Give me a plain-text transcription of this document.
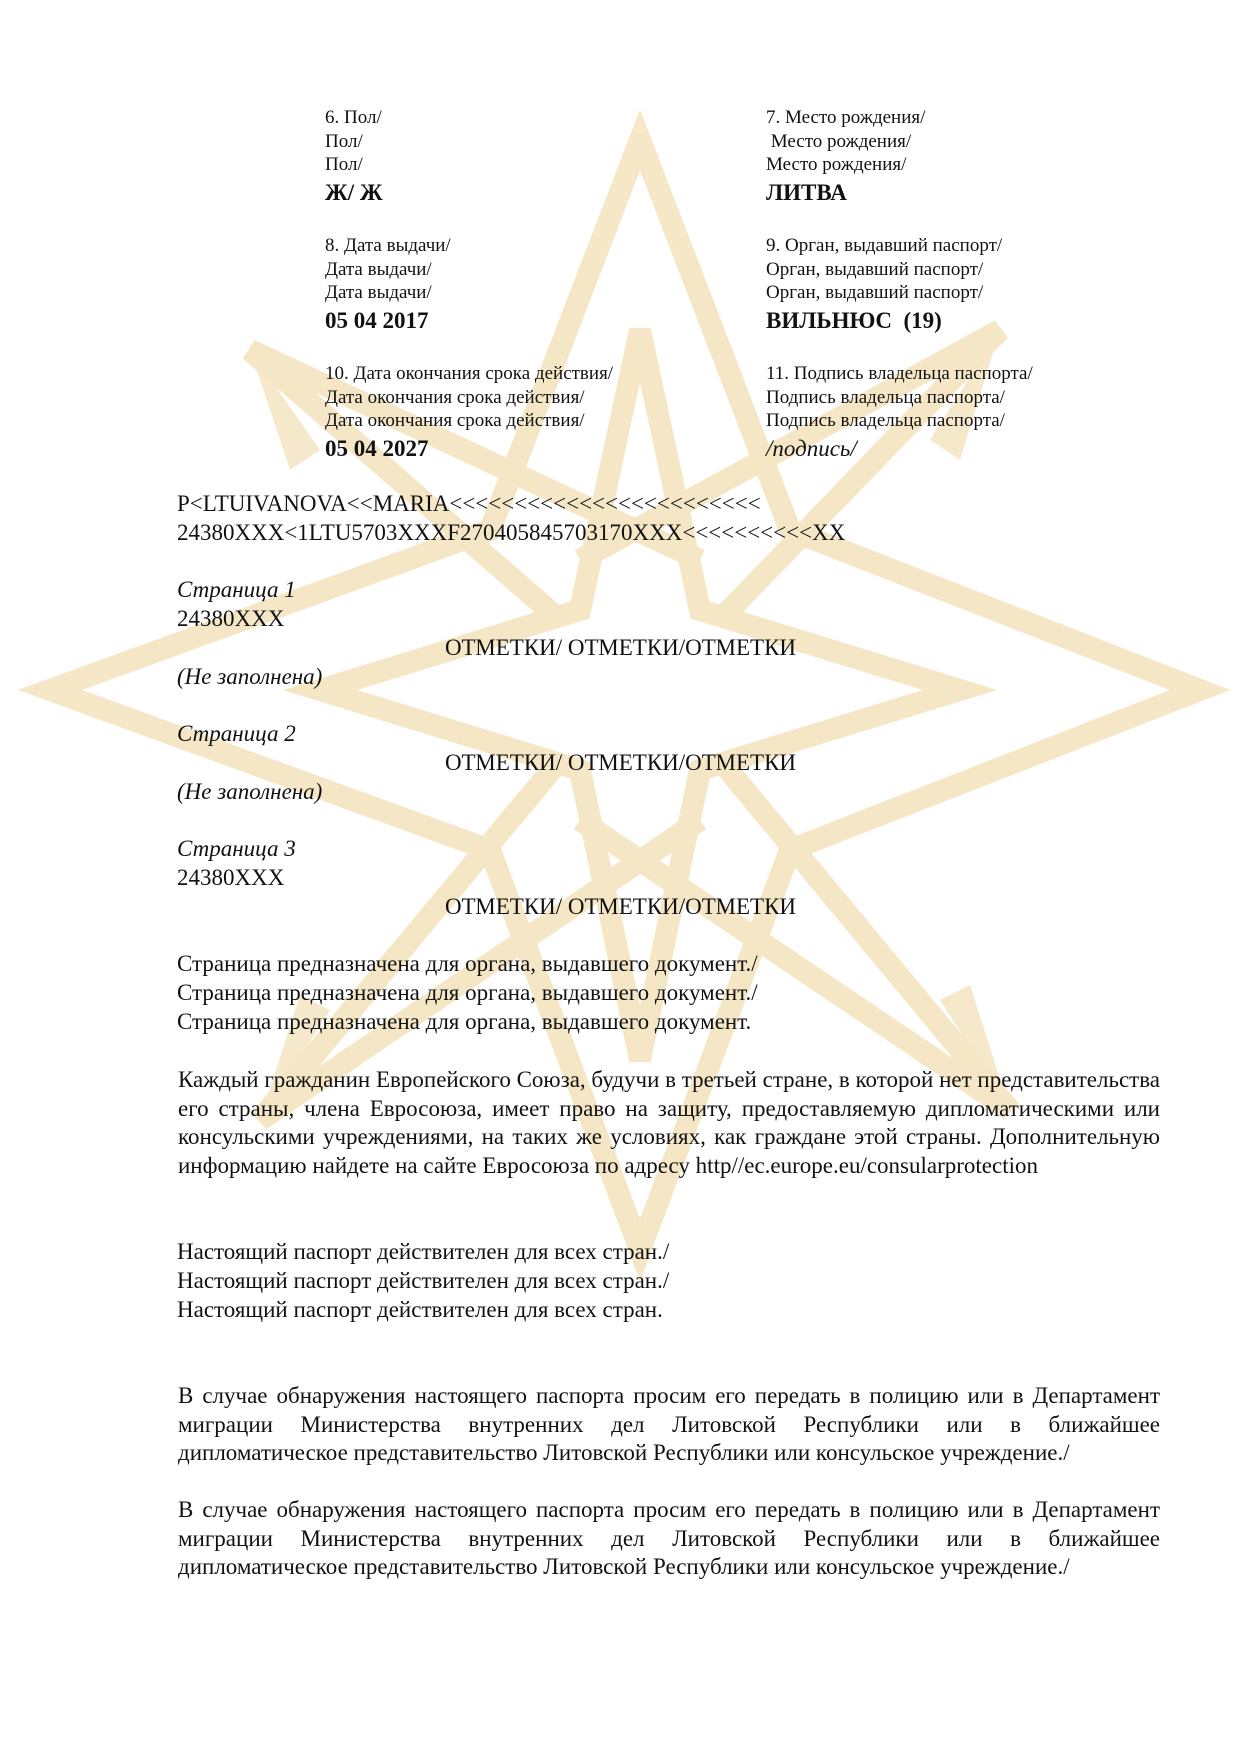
6. Пол/
Пол/
Пол/
Ж/ Ж
7. Место рождения/
Место рождения/
Место рождения/
ЛИТВА
8. Дата выдачи/
Дата выдачи/
Дата выдачи/
05 04 2017
9. Орган, выдавший паспорт/
Орган, выдавший паспорт/
Орган, выдавший паспорт/
ВИЛЬНЮС  (19)
10. Дата окончания срока действия/
Дата окончания срока действия/
Дата окончания срока действия/
05 04 2027
11. Подпись владельца паспорта/
Подпись владельца паспорта/
Подпись владельца паспорта/
/подпись/
P<LTUIVANOVA<<MARIA<<<<<<<<<<<<<<<<<<<<<<<<
24380XXX<1LTU5703XXXF270405845703170XXX<<<<<<<<<<XX
Страница 1
24380XXX
ОТМЕТКИ/ ОТМЕТКИ/ОТМЕТКИ
(Не заполнена)
Страница 2
ОТМЕТКИ/ ОТМЕТКИ/ОТМЕТКИ
(Не заполнена)
Страница 3
24380XXX
ОТМЕТКИ/ ОТМЕТКИ/ОТМЕТКИ
Страница предназначена для органа, выдавшего документ./
Страница предназначена для органа, выдавшего документ./
Страница предназначена для органа, выдавшего документ.
Каждый гражданин Европейского Союза, будучи в третьей стране, в которой нет представительства его страны, члена Евросоюза, имеет право на защиту, предоставляемую дипломатическими или консульскими учреждениями, на таких же условиях, как граждане этой страны. Дополнительную информацию найдете на сайте Евросоюза по адресу http//ec.europe.eu/consularprotection
Настоящий паспорт действителен для всех стран./
Настоящий паспорт действителен для всех стран./
Настоящий паспорт действителен для всех стран.
В случае обнаружения настоящего паспорта просим его передать в полицию или в Департамент миграции Министерства внутренних дел Литовской Республики или в ближайшее дипломатическое представительство Литовской Республики или консульское учреждение./
В случае обнаружения настоящего паспорта просим его передать в полицию или в Департамент миграции Министерства внутренних дел Литовской Республики или в ближайшее дипломатическое представительство Литовской Республики или консульское учреждение./
